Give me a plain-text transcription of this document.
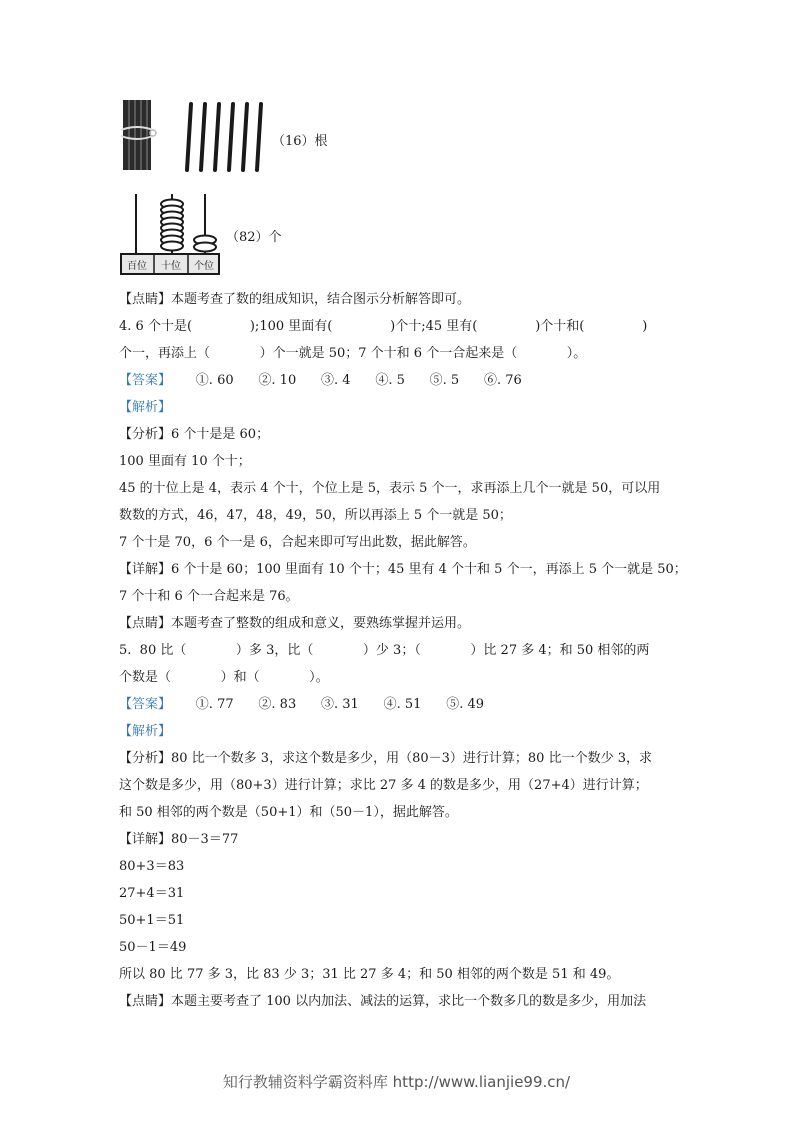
（16）根
百位 十位 个位
（82）个
【点睛】本题考查了数的组成知识，结合图示分析解答即可。
4. 6 个十是(              );100 里面有(              )个十;45 里有(              )个十和(              )
个一，再添上（            ）个一就是 50；7 个十和 6 个一合起来是（            ）。
【答案】      ①. 60      ②. 10      ③. 4      ④. 5      ⑤. 5      ⑥. 76
【解析】
【分析】6 个十是是 60；
100 里面有 10 个十；
45 的十位上是 4，表示 4 个十，个位上是 5，表示 5 个一，求再添上几个一就是 50，可以用
数数的方式，46，47，48，49，50，所以再添上 5 个一就是 50；
7 个十是 70，6 个一是 6，合起来即可写出此数，据此解答。
【详解】6 个十是 60；100 里面有 10 个十；45 里有 4 个十和 5 个一，再添上 5 个一就是 50；
7 个十和 6 个一合起来是 76。
【点睛】本题考查了整数的组成和意义，要熟练掌握并运用。
5.  80 比（            ）多 3，比（            ）少 3；（            ）比 27 多 4；和 50 相邻的两
个数是（            ）和（            ）。
【答案】      ①. 77      ②. 83      ③. 31      ④. 51      ⑤. 49
【解析】
【分析】80 比一个数多 3，求这个数是多少，用（80－3）进行计算；80 比一个数少 3，求
这个数是多少，用（80+3）进行计算；求比 27 多 4 的数是多少，用（27+4）进行计算；
和 50 相邻的两个数是（50+1）和（50－1），据此解答。
【详解】80－3＝77
80+3＝83
27+4＝31
50+1＝51
50－1＝49
所以 80 比 77 多 3，比 83 少 3；31 比 27 多 4；和 50 相邻的两个数是 51 和 49。
【点睛】本题主要考查了 100 以内加法、减法的运算，求比一个数多几的数是多少，用加法
知行教辅资料学霸资料库 http://www.lianjie99.cn/
